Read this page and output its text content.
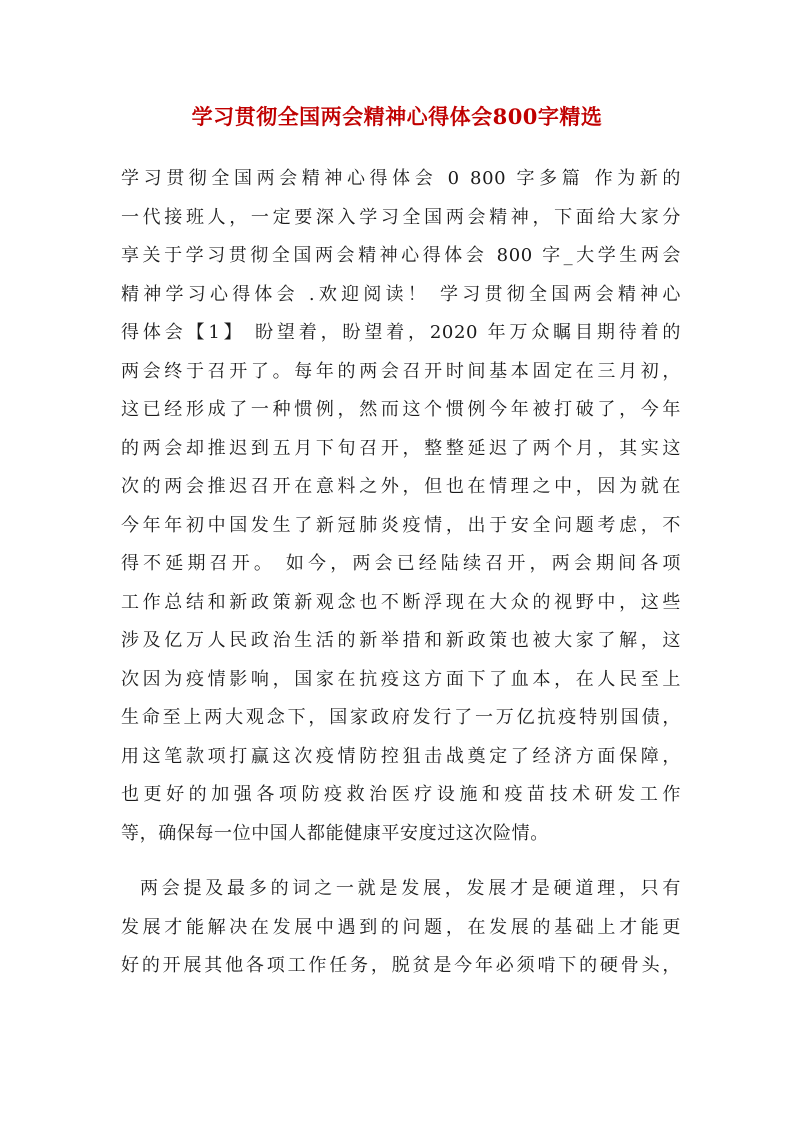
学习贯彻全国两会精神心得体会800字精选
学习贯彻全国两会精神心得体会 0 800 字多篇 作为新的
一代接班人，一定要深入学习全国两会精神，下面给大家分
享关于学习贯彻全国两会精神心得体会 800 字_大学生两会
精神学习心得体会 .欢迎阅读！ 学习贯彻全国两会精神心
得体会【1】 盼望着，盼望着，2020 年万众瞩目期待着的
两会终于召开了。每年的两会召开时间基本固定在三月初，
这已经形成了一种惯例，然而这个惯例今年被打破了，今年
的两会却推迟到五月下旬召开，整整延迟了两个月，其实这
次的两会推迟召开在意料之外，但也在情理之中，因为就在
今年年初中国发生了新冠肺炎疫情，出于安全问题考虑，不
得不延期召开。 如今，两会已经陆续召开，两会期间各项
工作总结和新政策新观念也不断浮现在大众的视野中，这些
涉及亿万人民政治生活的新举措和新政策也被大家了解，这
次因为疫情影响，国家在抗疫这方面下了血本，在人民至上
生命至上两大观念下，国家政府发行了一万亿抗疫特别国债，
用这笔款项打赢这次疫情防控狙击战奠定了经济方面保障，
也更好的加强各项防疫救治医疗设施和疫苗技术研发工作
等，确保每一位中国人都能健康平安度过这次险情。
两会提及最多的词之一就是发展，发展才是硬道理，只有
发展才能解决在发展中遇到的问题，在发展的基础上才能更
好的开展其他各项工作任务，脱贫是今年必须啃下的硬骨头，
